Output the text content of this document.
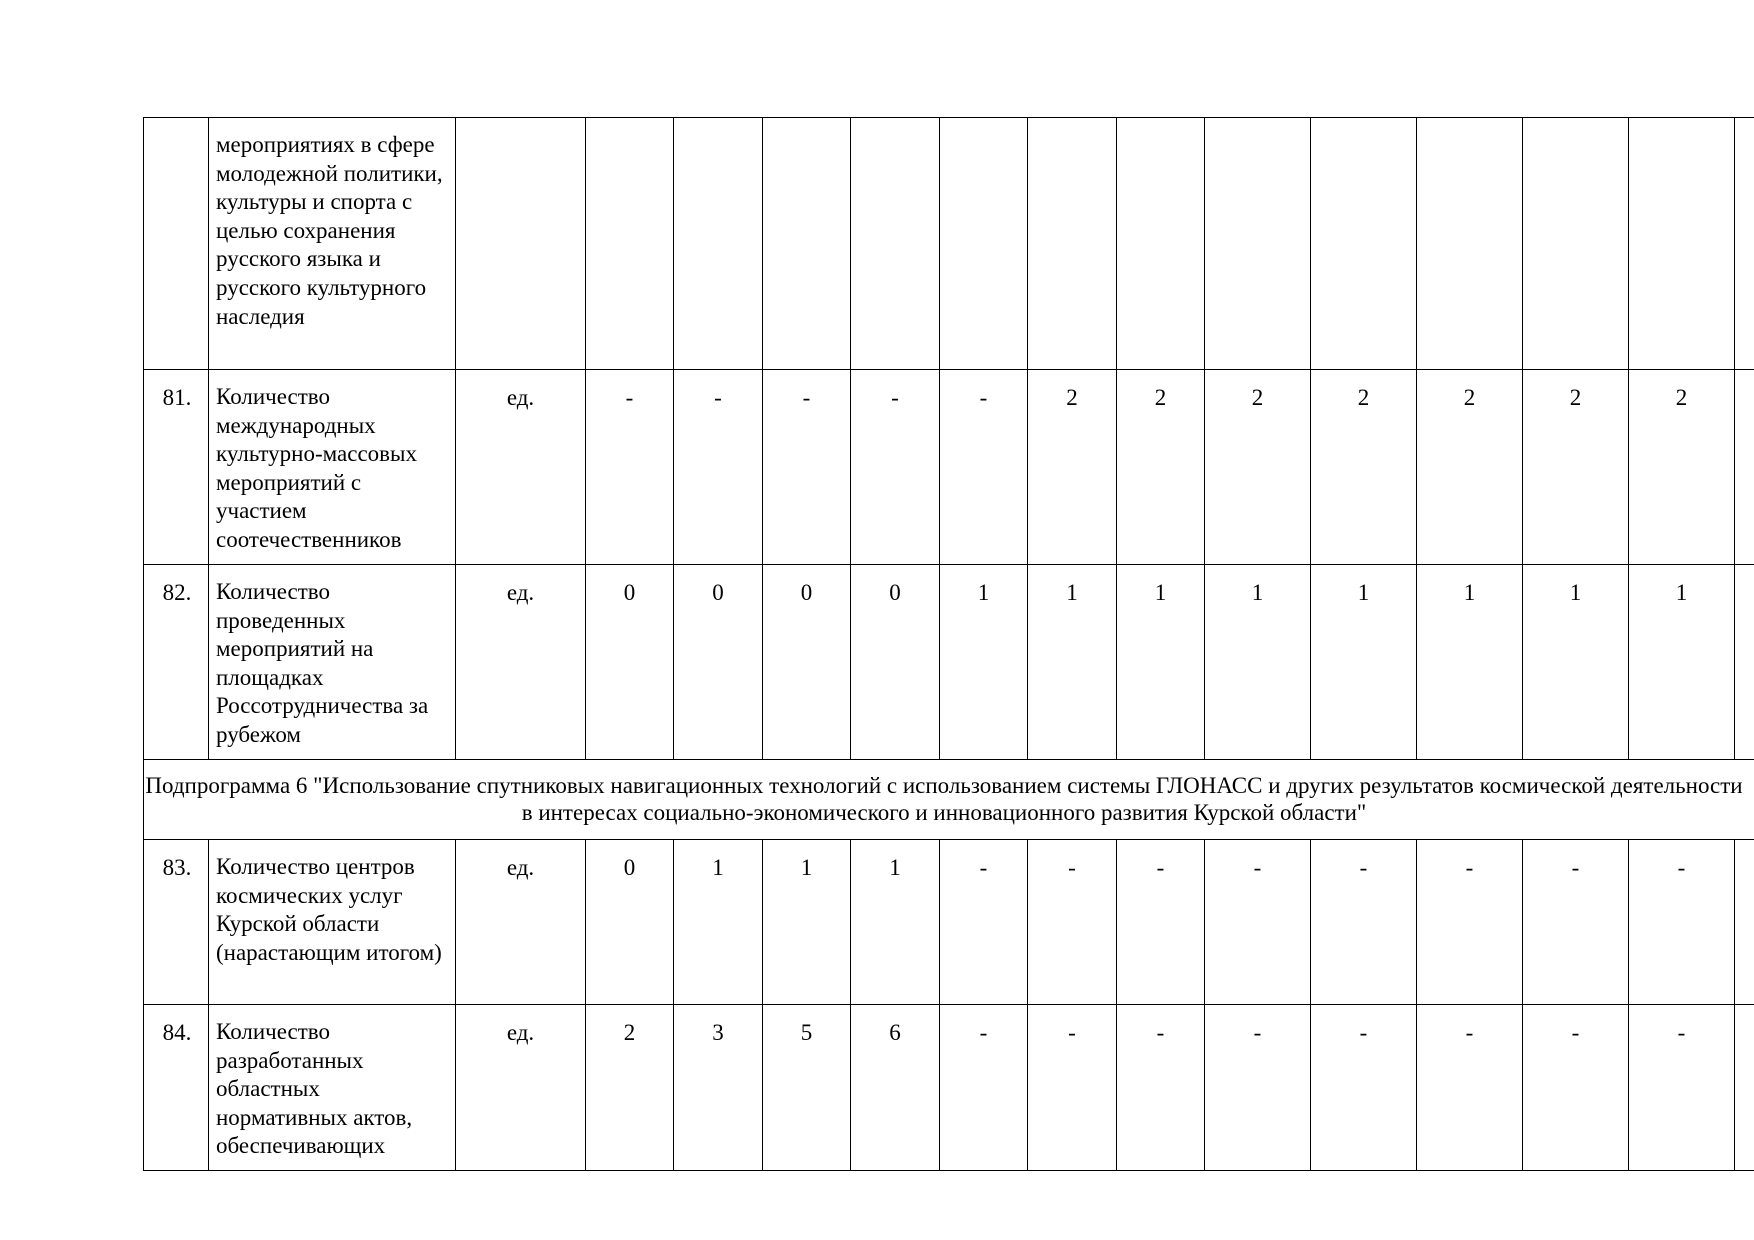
	мероприятиях в сфере молодежной политики, культуры и спорта с целью сохранения русского языка и русского культурного наследия														
81.	Количество международных культурно-массовых мероприятий с участием соотечественников	ед.	-	-	-	-	-	2	2	2	2	2	2	2	
82.	Количество проведенных мероприятий на площадках Россотрудничества за рубежом	ед.	0	0	0	0	1	1	1	1	1	1	1	1	

Подпрограмма 6 "Использование спутниковых навигационных технологий с использованием системы ГЛОНАСС и других результатов космической деятельности в интересах социально-экономического и инновационного развития Курской области"															

83.	Количество центров космических услуг Курской области (нарастающим итогом)	ед.	0	1	1	1	-	-	-	-	-	-	-	-	
84.	Количество разработанных областных нормативных актов, обеспечивающих	ед.	2	3	5	6	-	-	-	-	-	-	-	-	
